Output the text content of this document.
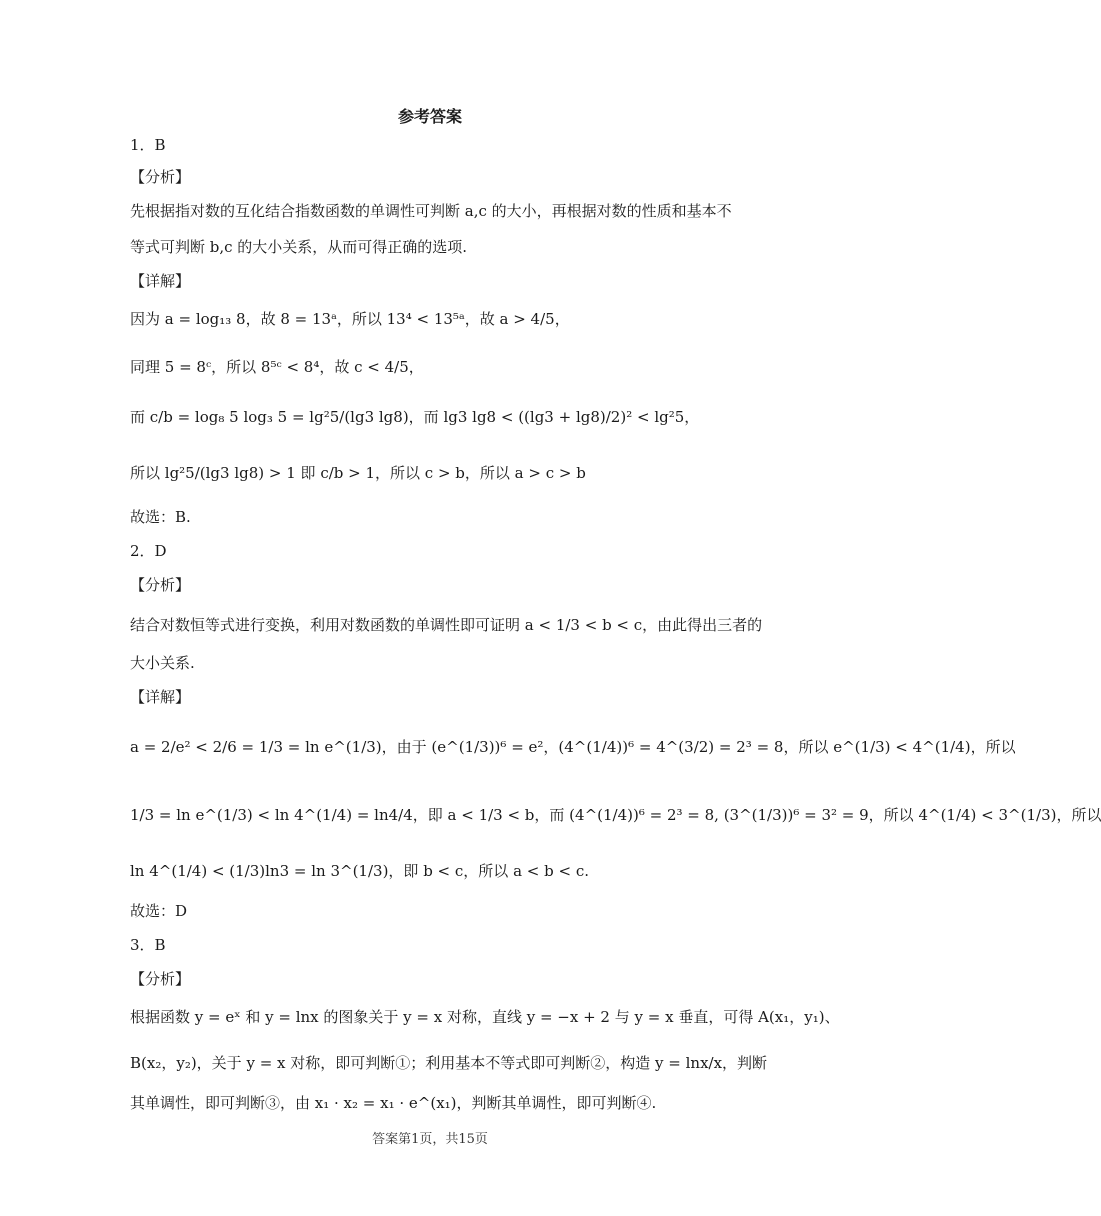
参考答案
1．B
【分析】
先根据指对数的互化结合指数函数的单调性可判断 a,c 的大小，再根据对数的性质和基本不
等式可判断 b,c 的大小关系，从而可得正确的选项.
【详解】
因为 a = log₁₃ 8，故 8 = 13ᵃ，所以 13⁴ < 13⁵ᵃ，故 a > 4/5，
同理 5 = 8ᶜ，所以 8⁵ᶜ < 8⁴，故 c < 4/5，
而 c/b = log₈ 5 log₃ 5 = lg²5/(lg3 lg8)，而 lg3 lg8 < ((lg3 + lg8)/2)² < lg²5，
所以 lg²5/(lg3 lg8) > 1 即 c/b > 1，所以 c > b，所以 a > c > b
故选：B.
2．D
【分析】
结合对数恒等式进行变换，利用对数函数的单调性即可证明 a < 1/3 < b < c，由此得出三者的
大小关系.
【详解】
a = 2/e² < 2/6 = 1/3 = ln e^(1/3)，由于 (e^(1/3))⁶ = e²，(4^(1/4))⁶ = 4^(3/2) = 2³ = 8，所以 e^(1/3) < 4^(1/4)，所以
1/3 = ln e^(1/3) < ln 4^(1/4) = ln4/4，即 a < 1/3 < b，而 (4^(1/4))⁶ = 2³ = 8, (3^(1/3))⁶ = 3² = 9，所以 4^(1/4) < 3^(1/3)，所以
ln 4^(1/4) < (1/3)ln3 = ln 3^(1/3)，即 b < c，所以 a < b < c.
故选：D
3．B
【分析】
根据函数 y = eˣ 和 y = lnx 的图象关于 y = x 对称，直线 y = −x + 2 与 y = x 垂直，可得 A(x₁，y₁)、
B(x₂，y₂)，关于 y = x 对称，即可判断①；利用基本不等式即可判断②，构造 y = lnx/x，判断
其单调性，即可判断③，由 x₁ · x₂ = x₁ · e^(x₁)，判断其单调性，即可判断④.
答案第1页，共15页
